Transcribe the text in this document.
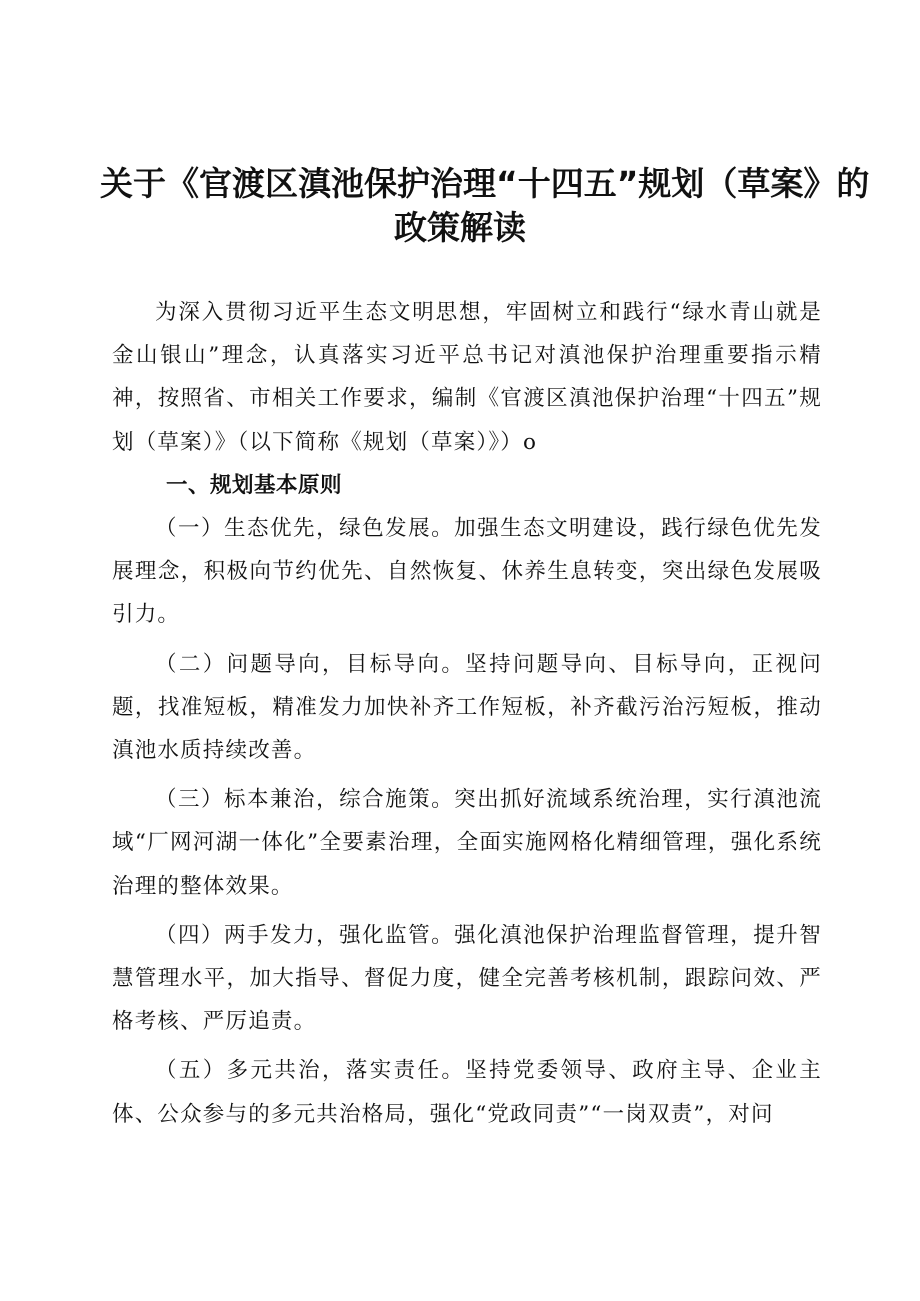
关于《官渡区滇池保护治理“十四五”规划（草案》的
政策解读

为深入贯彻习近平生态文明思想，牢固树立和践行“绿水青山就是金山银山”理念，认真落实习近平总书记对滇池保护治理重要指示精神，按照省、市相关工作要求，编制《官渡区滇池保护治理“十四五”规划（草案）》（以下简称《规划（草案）》）o

一、规划基本原则

（一）生态优先，绿色发展。加强生态文明建设，践行绿色优先发展理念，积极向节约优先、自然恢复、休养生息转变，突出绿色发展吸引力。

（二）问题导向，目标导向。坚持问题导向、目标导向，正视问题，找准短板，精准发力加快补齐工作短板，补齐截污治污短板，推动滇池水质持续改善。

（三）标本兼治，综合施策。突出抓好流域系统治理，实行滇池流域“厂网河湖一体化”全要素治理，全面实施网格化精细管理，强化系统治理的整体效果。

（四）两手发力，强化监管。强化滇池保护治理监督管理，提升智慧管理水平，加大指导、督促力度，健全完善考核机制，跟踪问效、严格考核、严厉追责。

（五）多元共治，落实责任。坚持党委领导、政府主导、企业主体、公众参与的多元共治格局，强化“党政同责”“一岗双责”，对问
